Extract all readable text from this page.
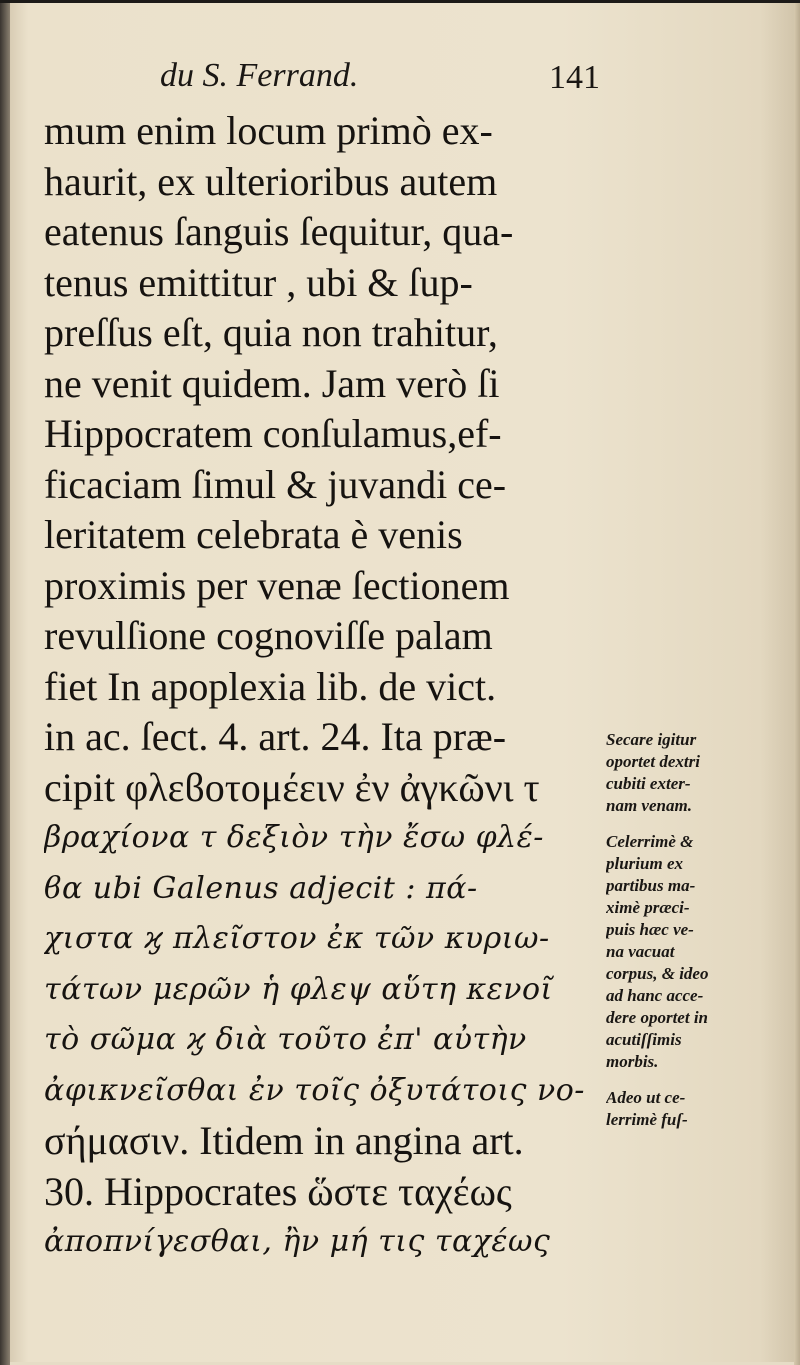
du S. Ferrand.	141
mum enim locum primò ex-
haurit, ex ulterioribus autem
eatenus ſanguis ſequitur, qua-
tenus emittitur , ubi & ſup-
preſſus eſt, quia non trahitur,
ne venit quidem. Jam verò ſi
Hippocratem conſulamus,ef-
ficaciam ſimul & juvandi ce-
leritatem celebrata è venis
proximis per venæ ſectionem
revulſione cognoviſſe palam
fiet In apoplexia lib. de vict.
in ac. ſect. 4. art. 24. Ita præ-
cipit φλεϐοτομέειν ἐν ἀγκῶνι τ
βραχίονα τ δεξιὸν τὴν ἔσω φλέ-
ϐα ubi Galenus adjecit : πά-
χιστα ϗ πλεῖστον ἐκ τῶν κυριω-
τάτων μερῶν ἡ φλεψ αὕτη κενοῖ
τὸ σῶμα ϗ διὰ τοῦτο ἐπ' αὐτὴν
ἀφικνεῖσθαι ἐν τοῖς ὀξυτάτοις νο-
σήμασιν. Itidem in angina art.
30. Hippocrates ὥστε ταχέως
ἀποπνίγεσθαι, ἢν μή τις ταχέως
Secare igitur
oportet dextri
cubiti exter-
nam venam.
Celerrimè &
plurium ex
partibus ma-
ximè præci-
puis hæc ve-
na vacuat
corpus, & ideo
ad hanc acce-
dere oportet in
acutiſſimis
morbis.
Adeo ut ce-
lerrimè fuſ-
